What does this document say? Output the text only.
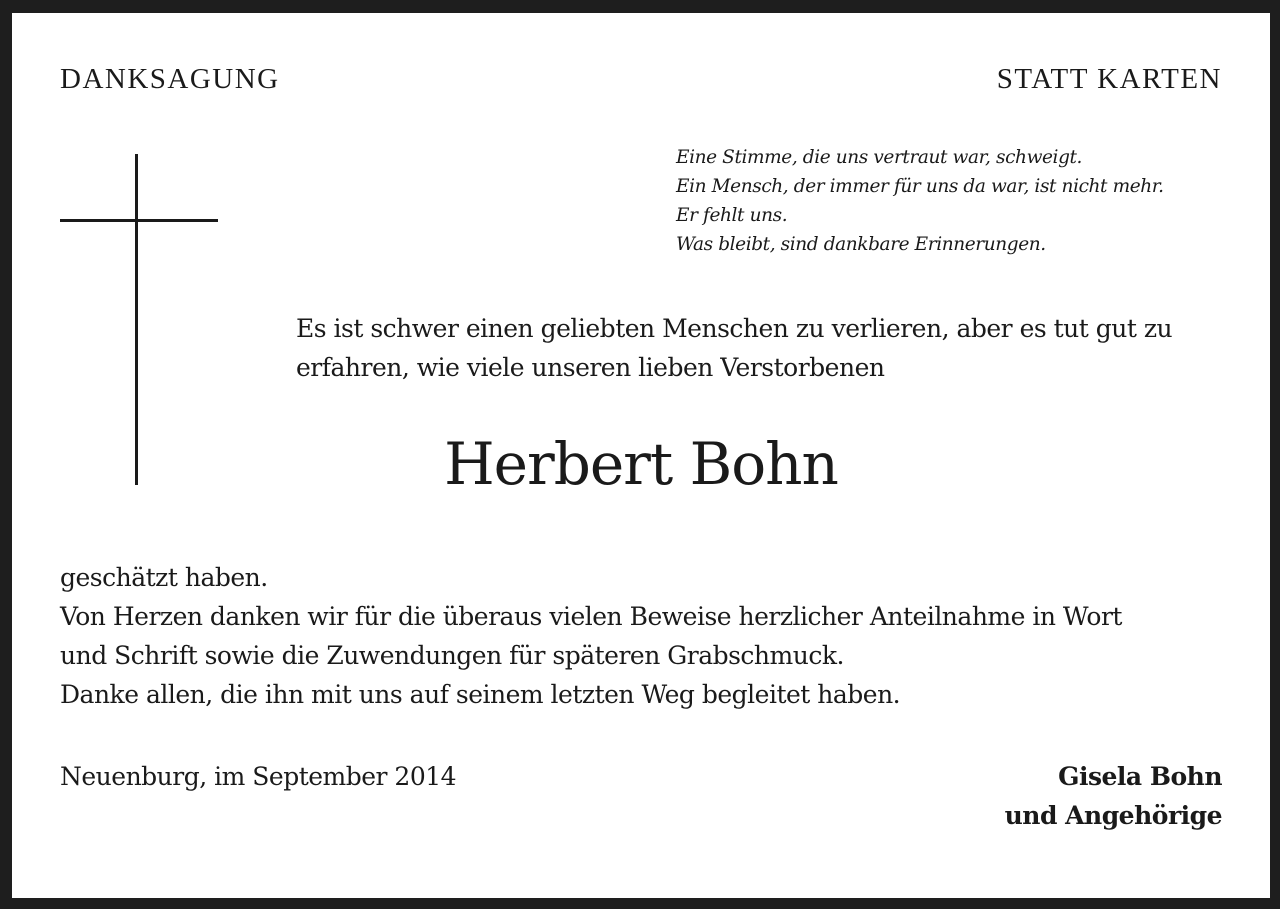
DANKSAGUNG	STATT KARTEN
Eine Stimme, die uns vertraut war, schweigt.
Ein Mensch, der immer für uns da war, ist nicht mehr.
Er fehlt uns.
Was bleibt, sind dankbare Erinnerungen.
Es ist schwer einen geliebten Menschen zu verlieren, aber es tut gut zu
erfahren, wie viele unseren lieben Verstorbenen
Herbert Bohn
geschätzt haben.
Von Herzen danken wir für die überaus vielen Beweise herzlicher Anteilnahme in Wort
und Schrift sowie die Zuwendungen für späteren Grabschmuck.
Danke allen, die ihn mit uns auf seinem letzten Weg begleitet haben.
Neuenburg, im September 2014	Gisela Bohn
und Angehörige
